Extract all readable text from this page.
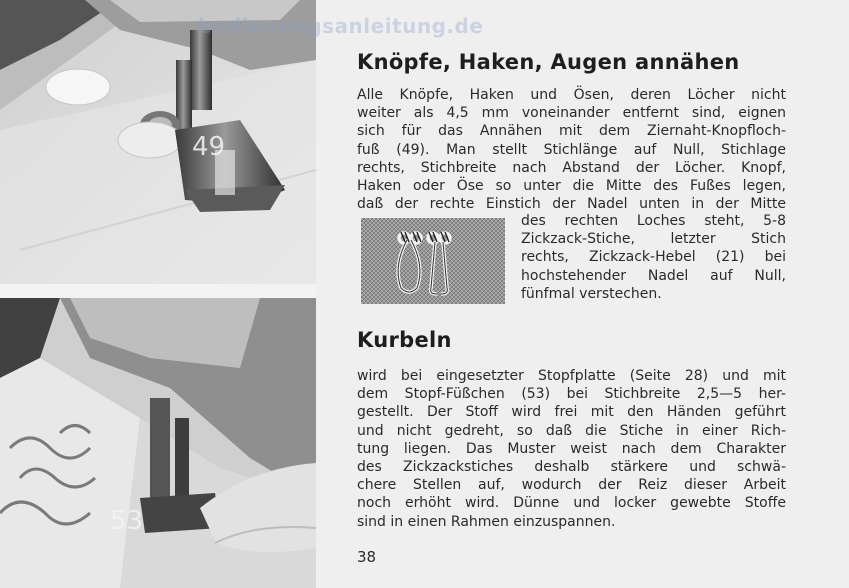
49
53
bedienungsanleitung.de
Knöpfe, Haken, Augen annähen
Alle Knöpfe, Haken und Ösen, deren Löcher nicht
weiter als 4,5 mm voneinander entfernt sind, eignen
sich für das Annähen mit dem Ziernaht-Knopfloch-
fuß (49). Man stellt Stichlänge auf Null, Stichlage
rechts, Stichbreite nach Abstand der Löcher. Knopf,
Haken oder Öse so unter die Mitte des Fußes legen,
daß der rechte Einstich der Nadel unten in der Mitte
des rechten Loches steht, 5-8
Zickzack-Stiche, letzter Stich
rechts, Zickzack-Hebel (21) bei
hochstehender Nadel auf Null,
fünfmal verstechen.
Kurbeln
wird bei eingesetzter Stopfplatte (Seite 28) und mit
dem Stopf-Füßchen (53) bei Stichbreite 2,5—5 her-
gestellt. Der Stoff wird frei mit den Händen geführt
und nicht gedreht, so daß die Stiche in einer Rich-
tung liegen. Das Muster weist nach dem Charakter
des Zickzackstiches deshalb stärkere und schwä-
chere Stellen auf, wodurch der Reiz dieser Arbeit
noch erhöht wird. Dünne und locker gewebte Stoffe
sind in einen Rahmen einzuspannen.
38
